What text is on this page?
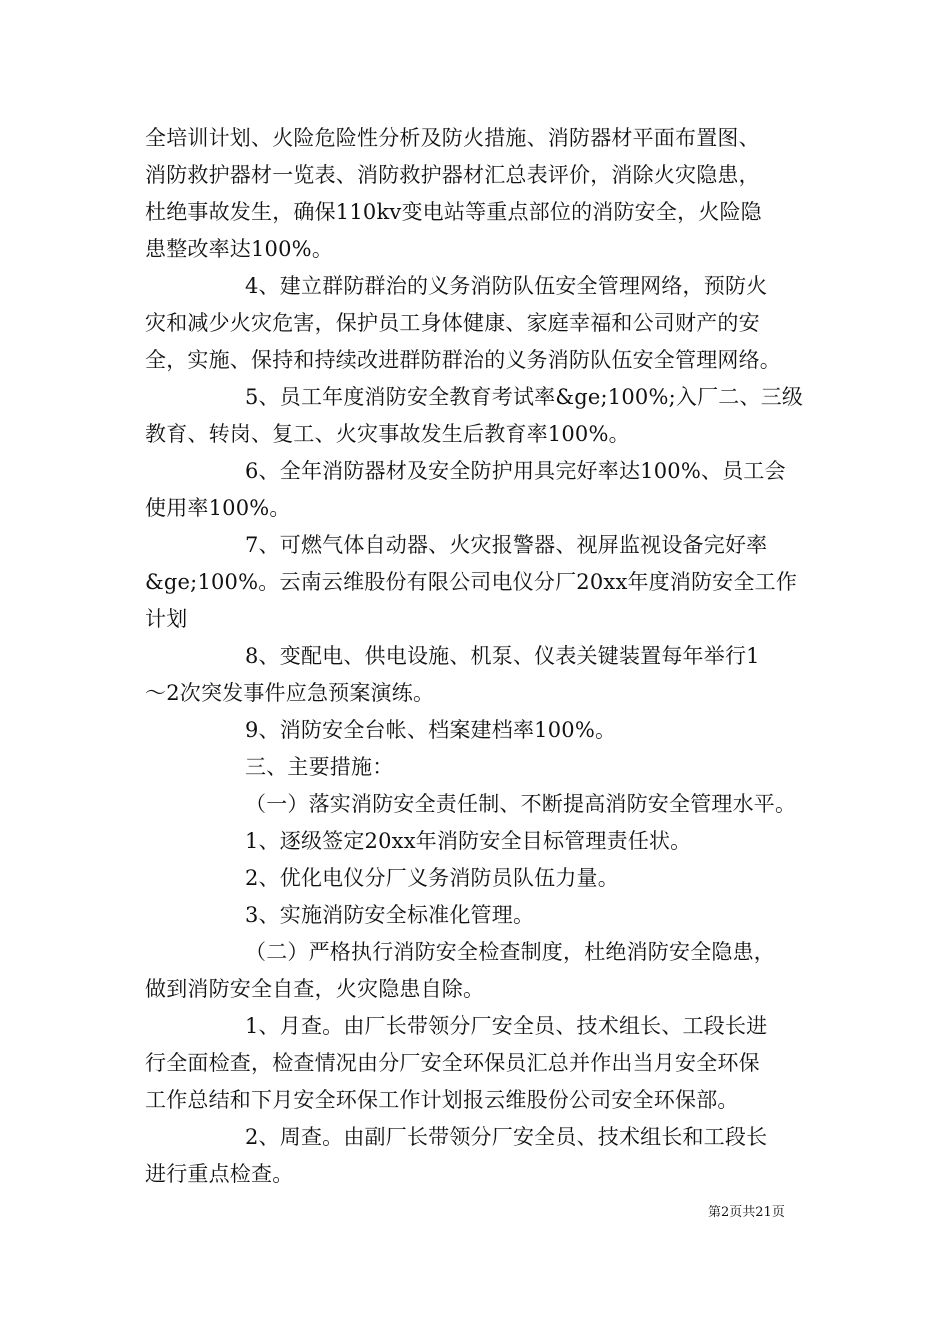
全培训计划、火险危险性分析及防火措施、消防器材平面布置图、
消防救护器材一览表、消防救护器材汇总表评价，消除火灾隐患，
杜绝事故发生，确保110kv变电站等重点部位的消防安全，火险隐
患整改率达100%。
4、建立群防群治的义务消防队伍安全管理网络，预防火
灾和减少火灾危害，保护员工身体健康、家庭幸福和公司财产的安
全，实施、保持和持续改进群防群治的义务消防队伍安全管理网络。
5、员工年度消防安全教育考试率&ge;100%;入厂二、三级
教育、转岗、复工、火灾事故发生后教育率100%。
6、全年消防器材及安全防护用具完好率达100%、员工会
使用率100%。
7、可燃气体自动器、火灾报警器、视屏监视设备完好率
&ge;100%。云南云维股份有限公司电仪分厂20xx年度消防安全工作
计划
8、变配电、供电设施、机泵、仪表关键装置每年举行1
～2次突发事件应急预案演练。
9、消防安全台帐、档案建档率100%。
三、主要措施：
（一）落实消防安全责任制、不断提高消防安全管理水平。
1、逐级签定20xx年消防安全目标管理责任状。
2、优化电仪分厂义务消防员队伍力量。
3、实施消防安全标准化管理。
（二）严格执行消防安全检查制度，杜绝消防安全隐患，
做到消防安全自查，火灾隐患自除。
1、月查。由厂长带领分厂安全员、技术组长、工段长进
行全面检查，检查情况由分厂安全环保员汇总并作出当月安全环保
工作总结和下月安全环保工作计划报云维股份公司安全环保部。
2、周查。由副厂长带领分厂安全员、技术组长和工段长
进行重点检查。
第2页共21页
